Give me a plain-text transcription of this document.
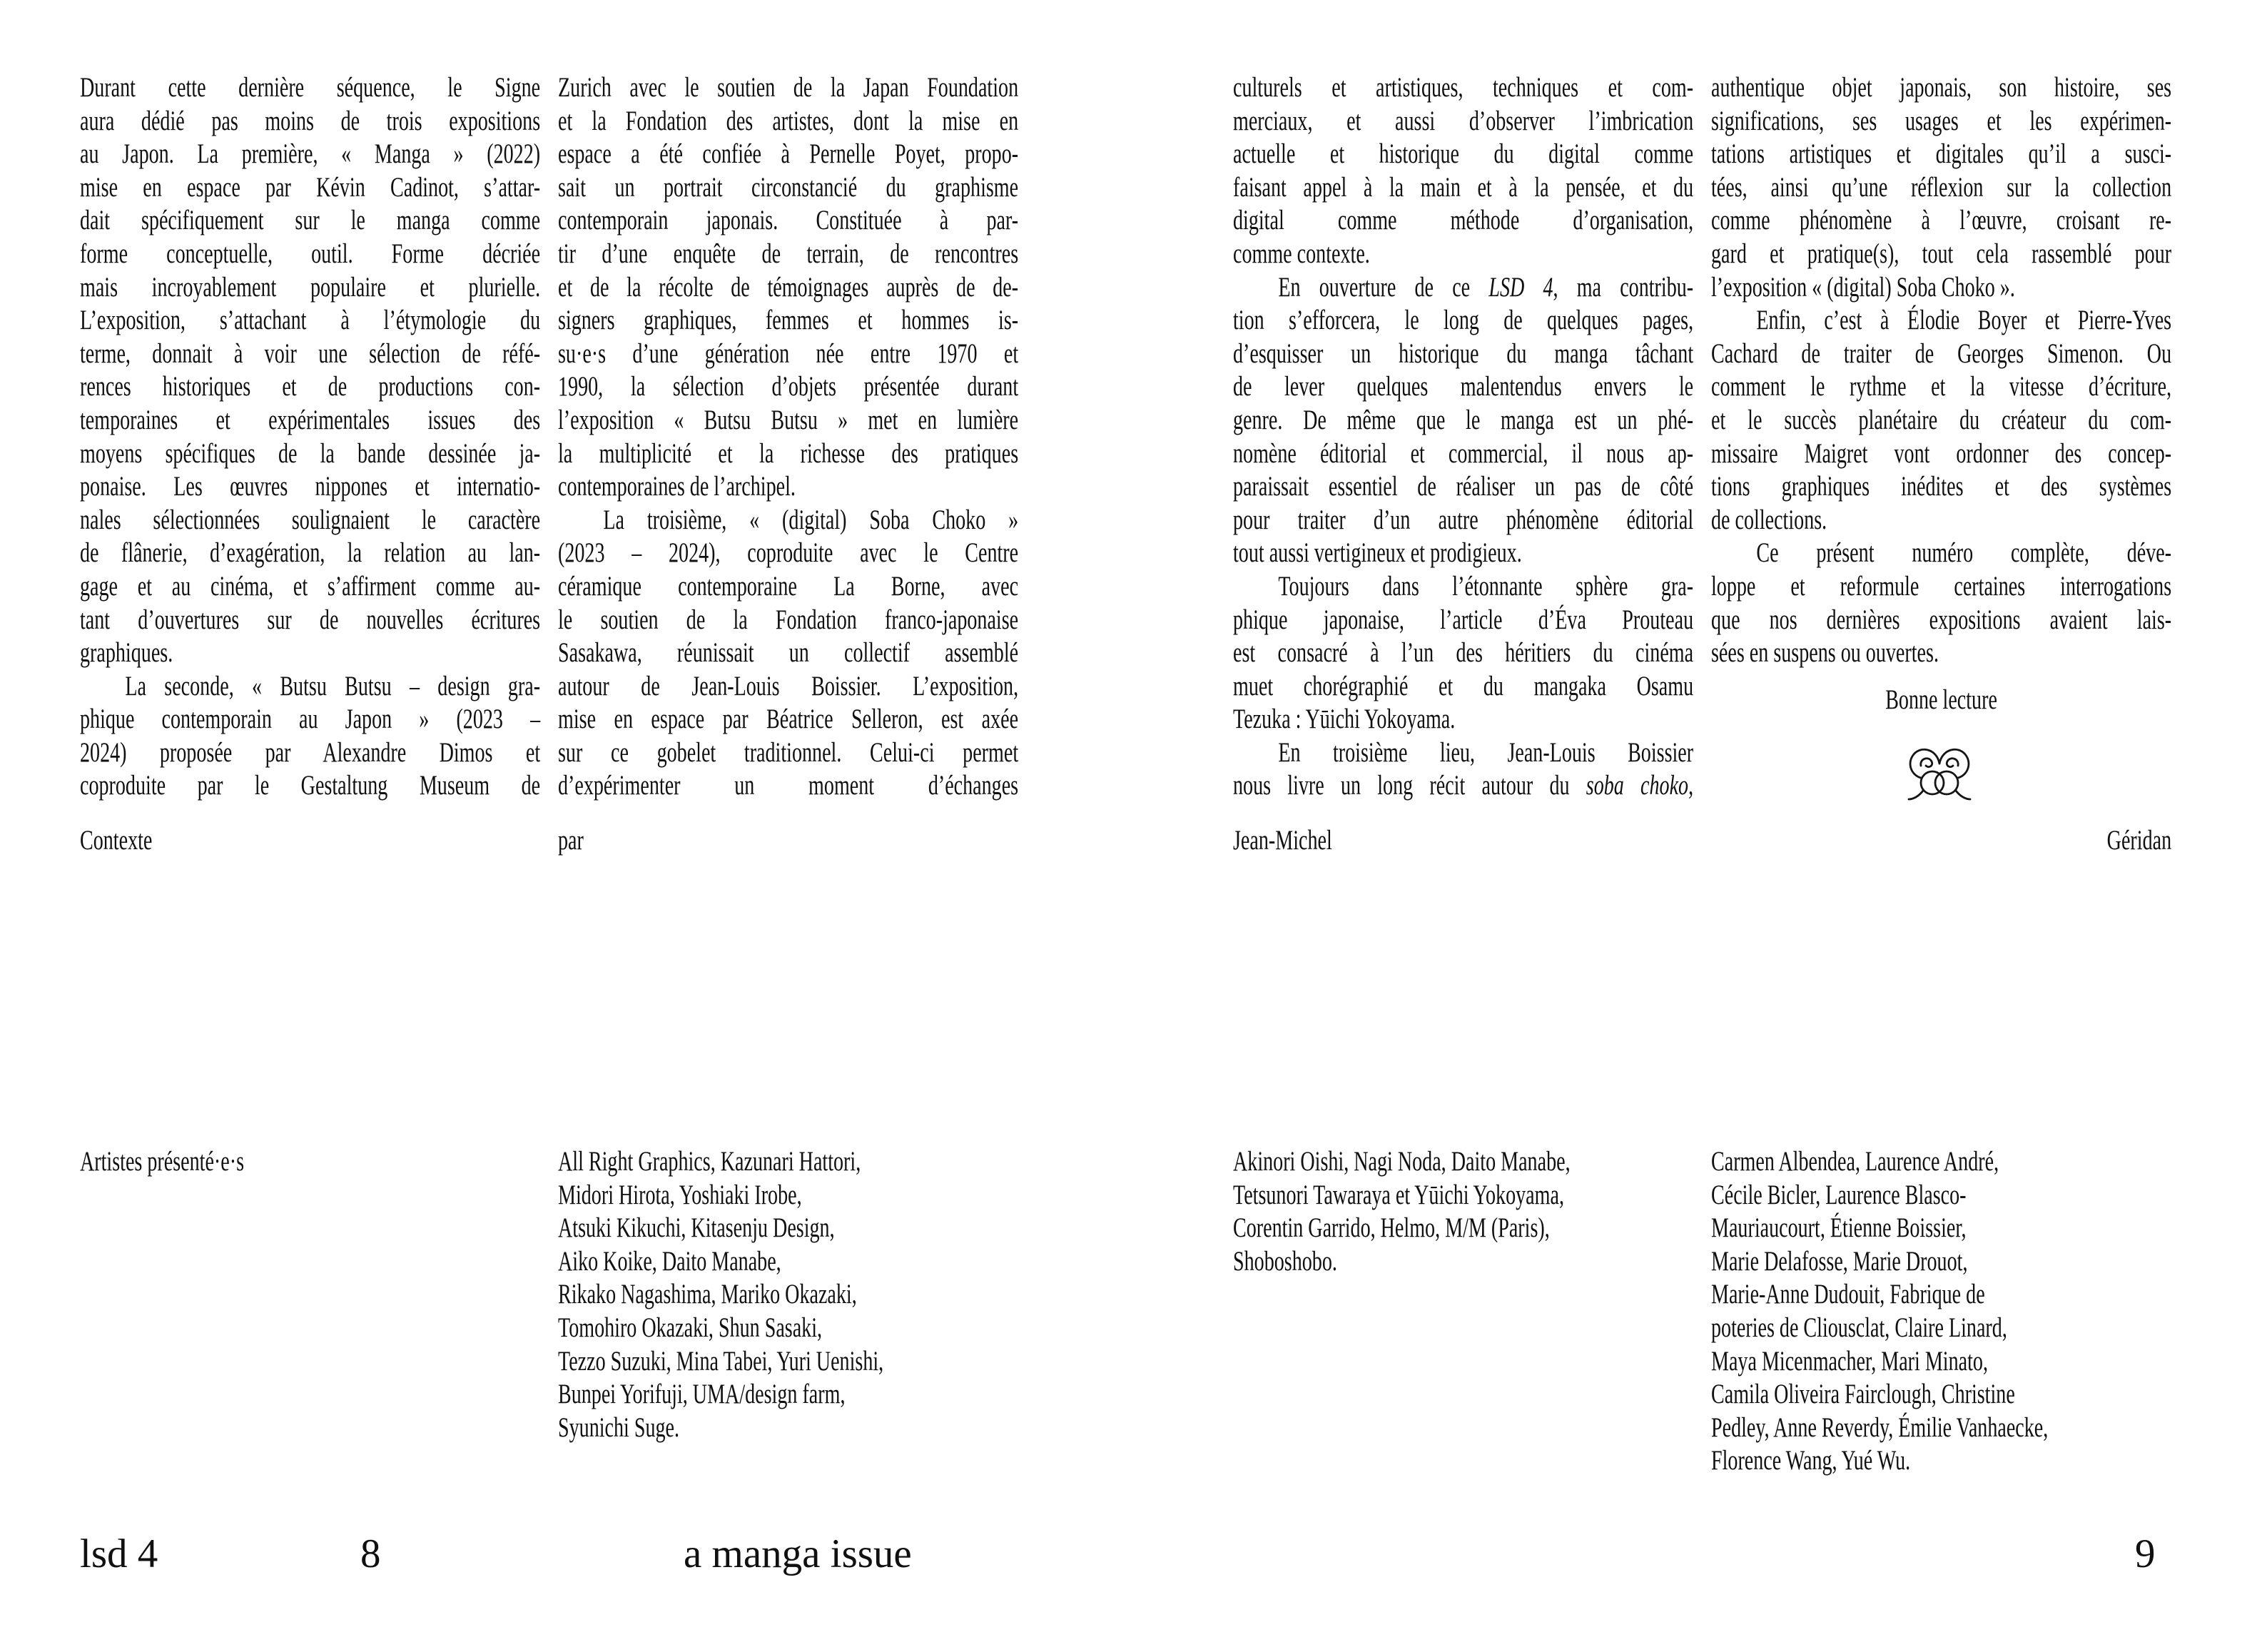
Durant cette dernière séquence, le Signe
aura dédié pas moins de trois expositions
au Japon. La première, « Manga » (2022)
mise en espace par Kévin Cadinot, s’attar-
dait spécifiquement sur le manga comme
forme conceptuelle, outil. Forme décriée
mais incroyablement populaire et plurielle.
L’exposition, s’attachant à l’étymologie du
terme, donnait à voir une sélection de réfé-
rences historiques et de productions con-
temporaines et expérimentales issues des
moyens spécifiques de la bande dessinée ja-
ponaise. Les œuvres nippones et internatio-
nales sélectionnées soulignaient le caractère
de flânerie, d’exagération, la relation au lan-
gage et au cinéma, et s’affirment comme au-
tant d’ouvertures sur de nouvelles écritures
graphiques.
La seconde, « Butsu Butsu – design gra-
phique contemporain au Japon » (2023 –
2024) proposée par Alexandre Dimos et
coproduite par le Gestaltung Museum de
Zurich avec le soutien de la Japan Foundation
et la Fondation des artistes, dont la mise en
espace a été confiée à Pernelle Poyet, propo-
sait un portrait circonstancié du graphisme
contemporain japonais. Constituée à par-
tir d’une enquête de terrain, de rencontres
et de la récolte de témoignages auprès de de-
signers graphiques, femmes et hommes is-
su·e·s d’une génération née entre 1970 et
1990, la sélection d’objets présentée durant
l’exposition « Butsu Butsu » met en lumière
la multiplicité et la richesse des pratiques
contemporaines de l’archipel.
La troisième, « (digital) Soba Choko »
(2023 – 2024), coproduite avec le Centre
céramique contemporaine La Borne, avec
le soutien de la Fondation franco-japonaise
Sasakawa, réunissait un collectif assemblé
autour de Jean-Louis Boissier. L’exposition,
mise en espace par Béatrice Selleron, est axée
sur ce gobelet traditionnel. Celui-ci permet
d’expérimenter un moment d’échanges
culturels et artistiques, techniques et com-
merciaux, et aussi d’observer l’imbrication
actuelle et historique du digital comme
faisant appel à la main et à la pensée, et du
digital comme méthode d’organisation,
comme contexte.
En ouverture de ce LSD 4, ma contribu-
tion s’efforcera, le long de quelques pages,
d’esquisser un historique du manga tâchant
de lever quelques malentendus envers le
genre. De même que le manga est un phé-
nomène éditorial et commercial, il nous ap-
paraissait essentiel de réaliser un pas de côté
pour traiter d’un autre phénomène éditorial
tout aussi vertigineux et prodigieux.
Toujours dans l’étonnante sphère gra-
phique japonaise, l’article d’Éva Prouteau
est consacré à l’un des héritiers du cinéma
muet chorégraphié et du mangaka Osamu
Tezuka : Yūichi Yokoyama.
En troisième lieu, Jean-Louis Boissier
nous livre un long récit autour du soba choko,
authentique objet japonais, son histoire, ses
significations, ses usages et les expérimen-
tations artistiques et digitales qu’il a susci-
tées, ainsi qu’une réflexion sur la collection
comme phénomène à l’œuvre, croisant re-
gard et pratique(s), tout cela rassemblé pour
l’exposition « (digital) Soba Choko ».
Enfin, c’est à Élodie Boyer et Pierre-Yves
Cachard de traiter de Georges Simenon. Ou
comment le rythme et la vitesse d’écriture,
et le succès planétaire du créateur du com-
missaire Maigret vont ordonner des concep-
tions graphiques inédites et des systèmes
de collections.
Ce présent numéro complète, déve-
loppe et reformule certaines interrogations
que nos dernières expositions avaient lais-
sées en suspens ou ouvertes.
Contexte	par	Jean-Michel	Géridan
Bonne lecture
Artistes présenté·e·s	All Right Graphics, Kazunari Hattori,
Midori Hirota, Yoshiaki Irobe,
Atsuki Kikuchi, Kitasenju Design,
Aiko Koike, Daito Manabe,
Rikako Nagashima, Mariko Okazaki,
Tomohiro Okazaki, Shun Sasaki,
Tezzo Suzuki, Mina Tabei, Yuri Uenishi,
Bunpei Yorifuji, UMA/design farm,
Syunichi Suge.
Akinori Oishi, Nagi Noda, Daito Manabe,
Tetsunori Tawaraya et Yūichi Yokoyama,
Corentin Garrido, Helmo, M/M (Paris),
Shoboshobo.
Carmen Albendea, Laurence André,
Cécile Bicler, Laurence Blasco-
Mauriaucourt, Étienne Boissier,
Marie Delafosse, Marie Drouot,
Marie-Anne Dudouit, Fabrique de
poteries de Cliousclat, Claire Linard,
Maya Micenmacher, Mari Minato,
Camila Oliveira Fairclough, Christine
Pedley, Anne Reverdy, Émilie Vanhaecke,
Florence Wang, Yué Wu.
lsd 4	8	a manga issue	9
